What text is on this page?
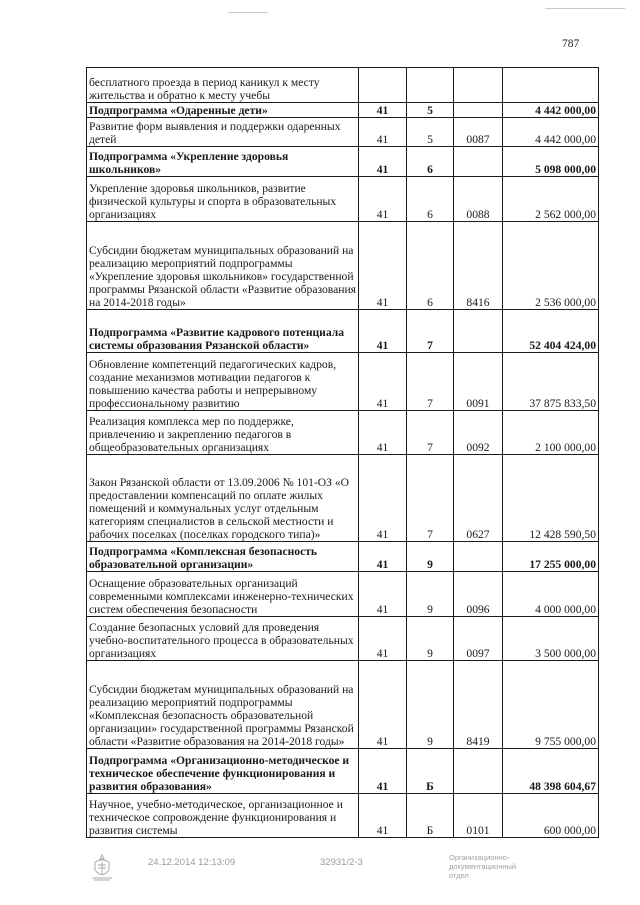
787
бесплатного проезда в период каникул к месту жительства и обратно к месту учебы				
Подпрограмма «Одаренные дети»	41	5		4 442 000,00
Развитие форм выявления и поддержки одаренных детей	41	5	0087	4 442 000,00
Подпрограмма «Укрепление здоровья школьников»	41	6		5 098 000,00
Укрепление здоровья школьников, развитие физической культуры и спорта в образовательных организациях	41	6	0088	2 562 000,00
Субсидии бюджетам муниципальных образований на реализацию мероприятий подпрограммы «Укрепление здоровья школьников» государственной программы Рязанской области «Развитие образования на 2014-2018 годы»	41	6	8416	2 536 000,00
Подпрограмма «Развитие кадрового потенциала системы образования Рязанской области»	41	7		52 404 424,00
Обновление компетенций педагогических кадров, создание механизмов мотивации педагогов к повышению качества работы и непрерывному профессиональному развитию	41	7	0091	37 875 833,50
Реализация комплекса мер по поддержке, привлечению и закреплению педагогов в общеобразовательных организациях	41	7	0092	2 100 000,00
Закон Рязанской области от 13.09.2006 № 101-ОЗ «О предоставлении компенсаций по оплате жилых помещений и коммунальных услуг отдельным категориям специалистов в сельской местности и рабочих поселках (поселках городского типа)»	41	7	0627	12 428 590,50
Подпрограмма «Комплексная безопасность образовательной организации»	41	9		17 255 000,00
Оснащение образовательных организаций современными комплексами инженерно-технических систем обеспечения безопасности	41	9	0096	4 000 000,00
Создание безопасных условий для проведения учебно-воспитательного процесса в образовательных организациях	41	9	0097	3 500 000,00
Субсидии бюджетам муниципальных образований на реализацию мероприятий подпрограммы «Комплексная безопасность образовательной организации» государственной программы Рязанской области «Развитие образования на 2014-2018 годы»	41	9	8419	9 755 000,00
Подпрограмма «Организационно-методическое и техническое обеспечение функционирования и развития образования»	41	Б		48 398 604,67
Научное, учебно-методическое, организационное и техническое сопровождение функционирования и развития системы	41	Б	0101	600 000,00
24.12.2014 12:13:09	32931/2-3	Организационно-документационный отдел
